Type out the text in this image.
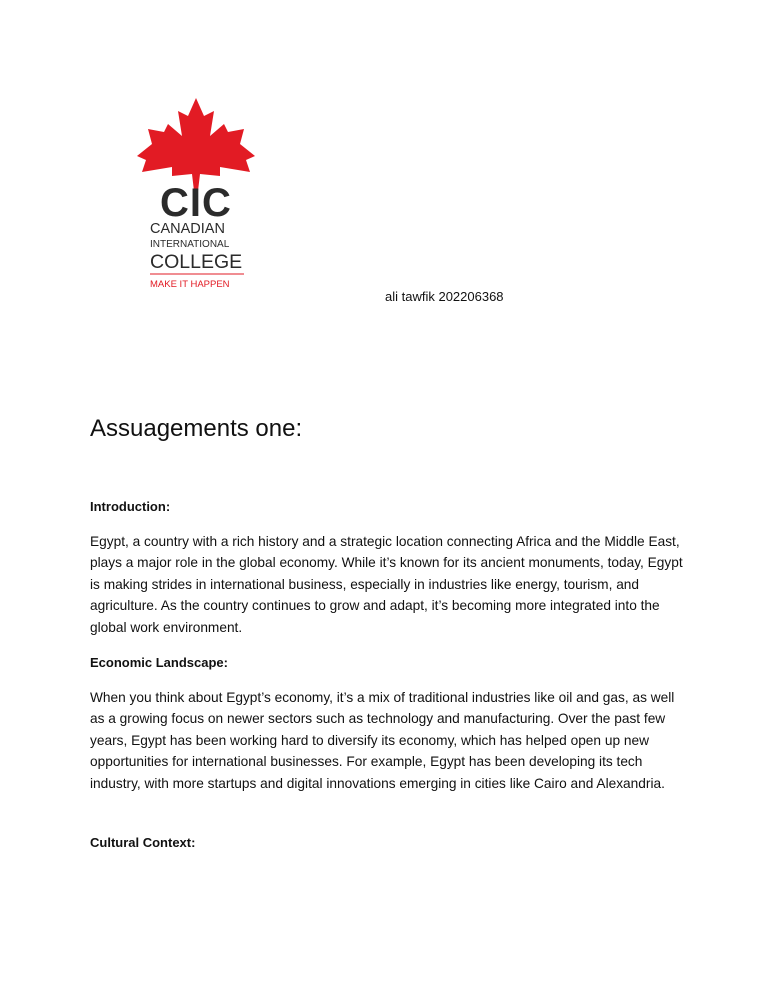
CIC
CANADIAN
INTERNATIONAL
COLLEGE
MAKE IT HAPPEN
ali tawfik 202206368
Assuagements one:
Introduction:

Egypt, a country with a rich history and a strategic location connecting Africa and the Middle East, plays a major role in the global economy. While it’s known for its ancient monuments, today, Egypt is making strides in international business, especially in industries like energy, tourism, and agriculture. As the country continues to grow and adapt, it’s becoming more integrated into the global work environment.

Economic Landscape:

When you think about Egypt’s economy, it’s a mix of traditional industries like oil and gas, as well as a growing focus on newer sectors such as technology and manufacturing. Over the past few years, Egypt has been working hard to diversify its economy, which has helped open up new opportunities for international businesses. For example, Egypt has been developing its tech industry, with more startups and digital innovations emerging in cities like Cairo and Alexandria.

Cultural Context:
